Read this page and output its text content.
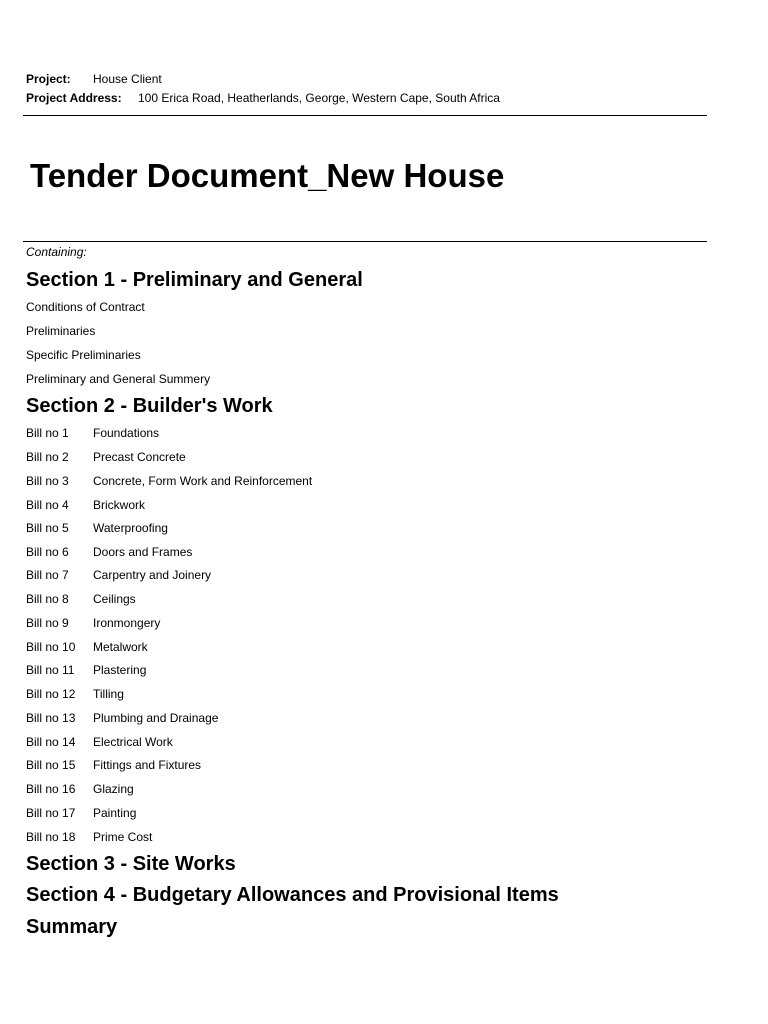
Project: House Client
Project Address: 100 Erica Road, Heatherlands, George, Western Cape, South Africa
Tender Document_New House
Containing:
Section 1 - Preliminary and General
Conditions of Contract
Preliminaries
Specific Preliminaries
Preliminary and General Summery
Section 2 - Builder's Work
Bill no 1 Foundations
Bill no 2 Precast Concrete
Bill no 3 Concrete, Form Work and Reinforcement
Bill no 4 Brickwork
Bill no 5 Waterproofing
Bill no 6 Doors and Frames
Bill no 7 Carpentry and Joinery
Bill no 8 Ceilings
Bill no 9 Ironmongery
Bill no 10 Metalwork
Bill no 11 Plastering
Bill no 12 Tilling
Bill no 13 Plumbing and Drainage
Bill no 14 Electrical Work
Bill no 15 Fittings and Fixtures
Bill no 16 Glazing
Bill no 17 Painting
Bill no 18 Prime Cost
Section 3 - Site Works
Section 4 - Budgetary Allowances and Provisional Items
Summary
